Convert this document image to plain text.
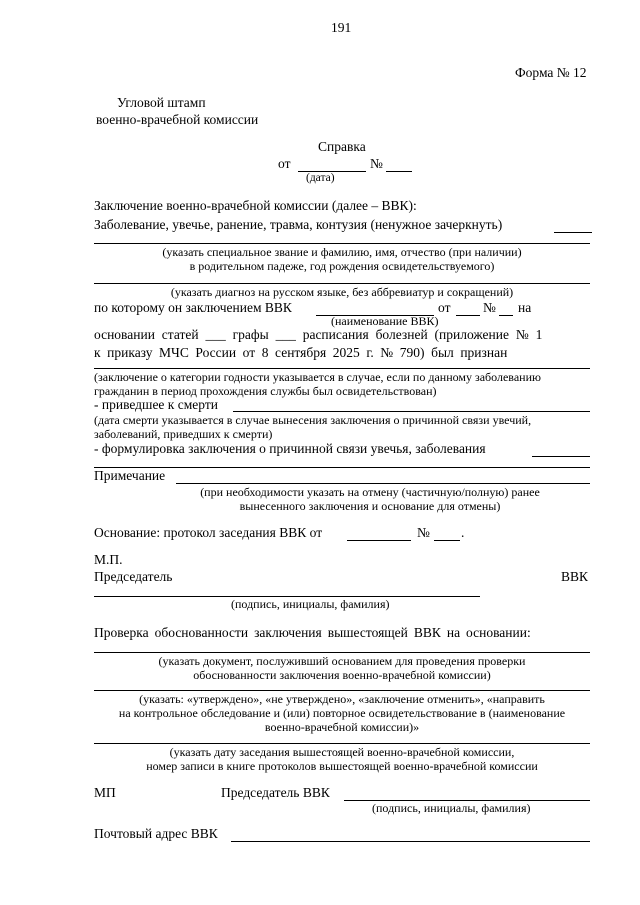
191
Форма № 12
Угловой штамп
военно-врачебной комиссии
Справка
от	№
(дата)
Заключение военно-врачебной комиссии (далее – ВВК):
Заболевание, увечье, ранение, травма, контузия (ненужное зачеркнуть)
(указать специальное звание и фамилию, имя, отчество (при наличии)
в родительном падеже, год рождения освидетельствуемого)
(указать диагноз на русском языке, без аббревиатур и сокращений)
по которому он заключением ВВК	от № на
(наименование ВВК)
основании статей ___ графы ___ расписания болезней (приложение № 1
к приказу МЧС России от 8 сентября 2025 г. № 790) был признан
(заключение о категории годности указывается в случае, если по данному заболеванию
гражданин в период прохождения службы был освидетельствован)
- приведшее к смерти
(дата смерти указывается в случае вынесения заключения о причинной связи увечий,
заболеваний, приведших к смерти)
- формулировка заключения о причинной связи увечья, заболевания
Примечание
(при необходимости указать на отмену (частичную/полную) ранее
вынесенного заключения и основание для отмены)
Основание: протокол заседания ВВК от	№ .
М.П.
Председатель	ВВК
(подпись, инициалы, фамилия)
Проверка обоснованности заключения вышестоящей ВВК на основании:
(указать документ, послуживший основанием для проведения проверки
обоснованности заключения военно-врачебной комиссии)
(указать: «утверждено», «не утверждено», «заключение отменить», «направить
на контрольное обследование и (или) повторное освидетельствование в (наименование
военно-врачебной комиссии)»
(указать дату заседания вышестоящей военно-врачебной комиссии,
номер записи в книге протоколов вышестоящей военно-врачебной комиссии
МП	Председатель ВВК
(подпись, инициалы, фамилия)
Почтовый адрес ВВК
